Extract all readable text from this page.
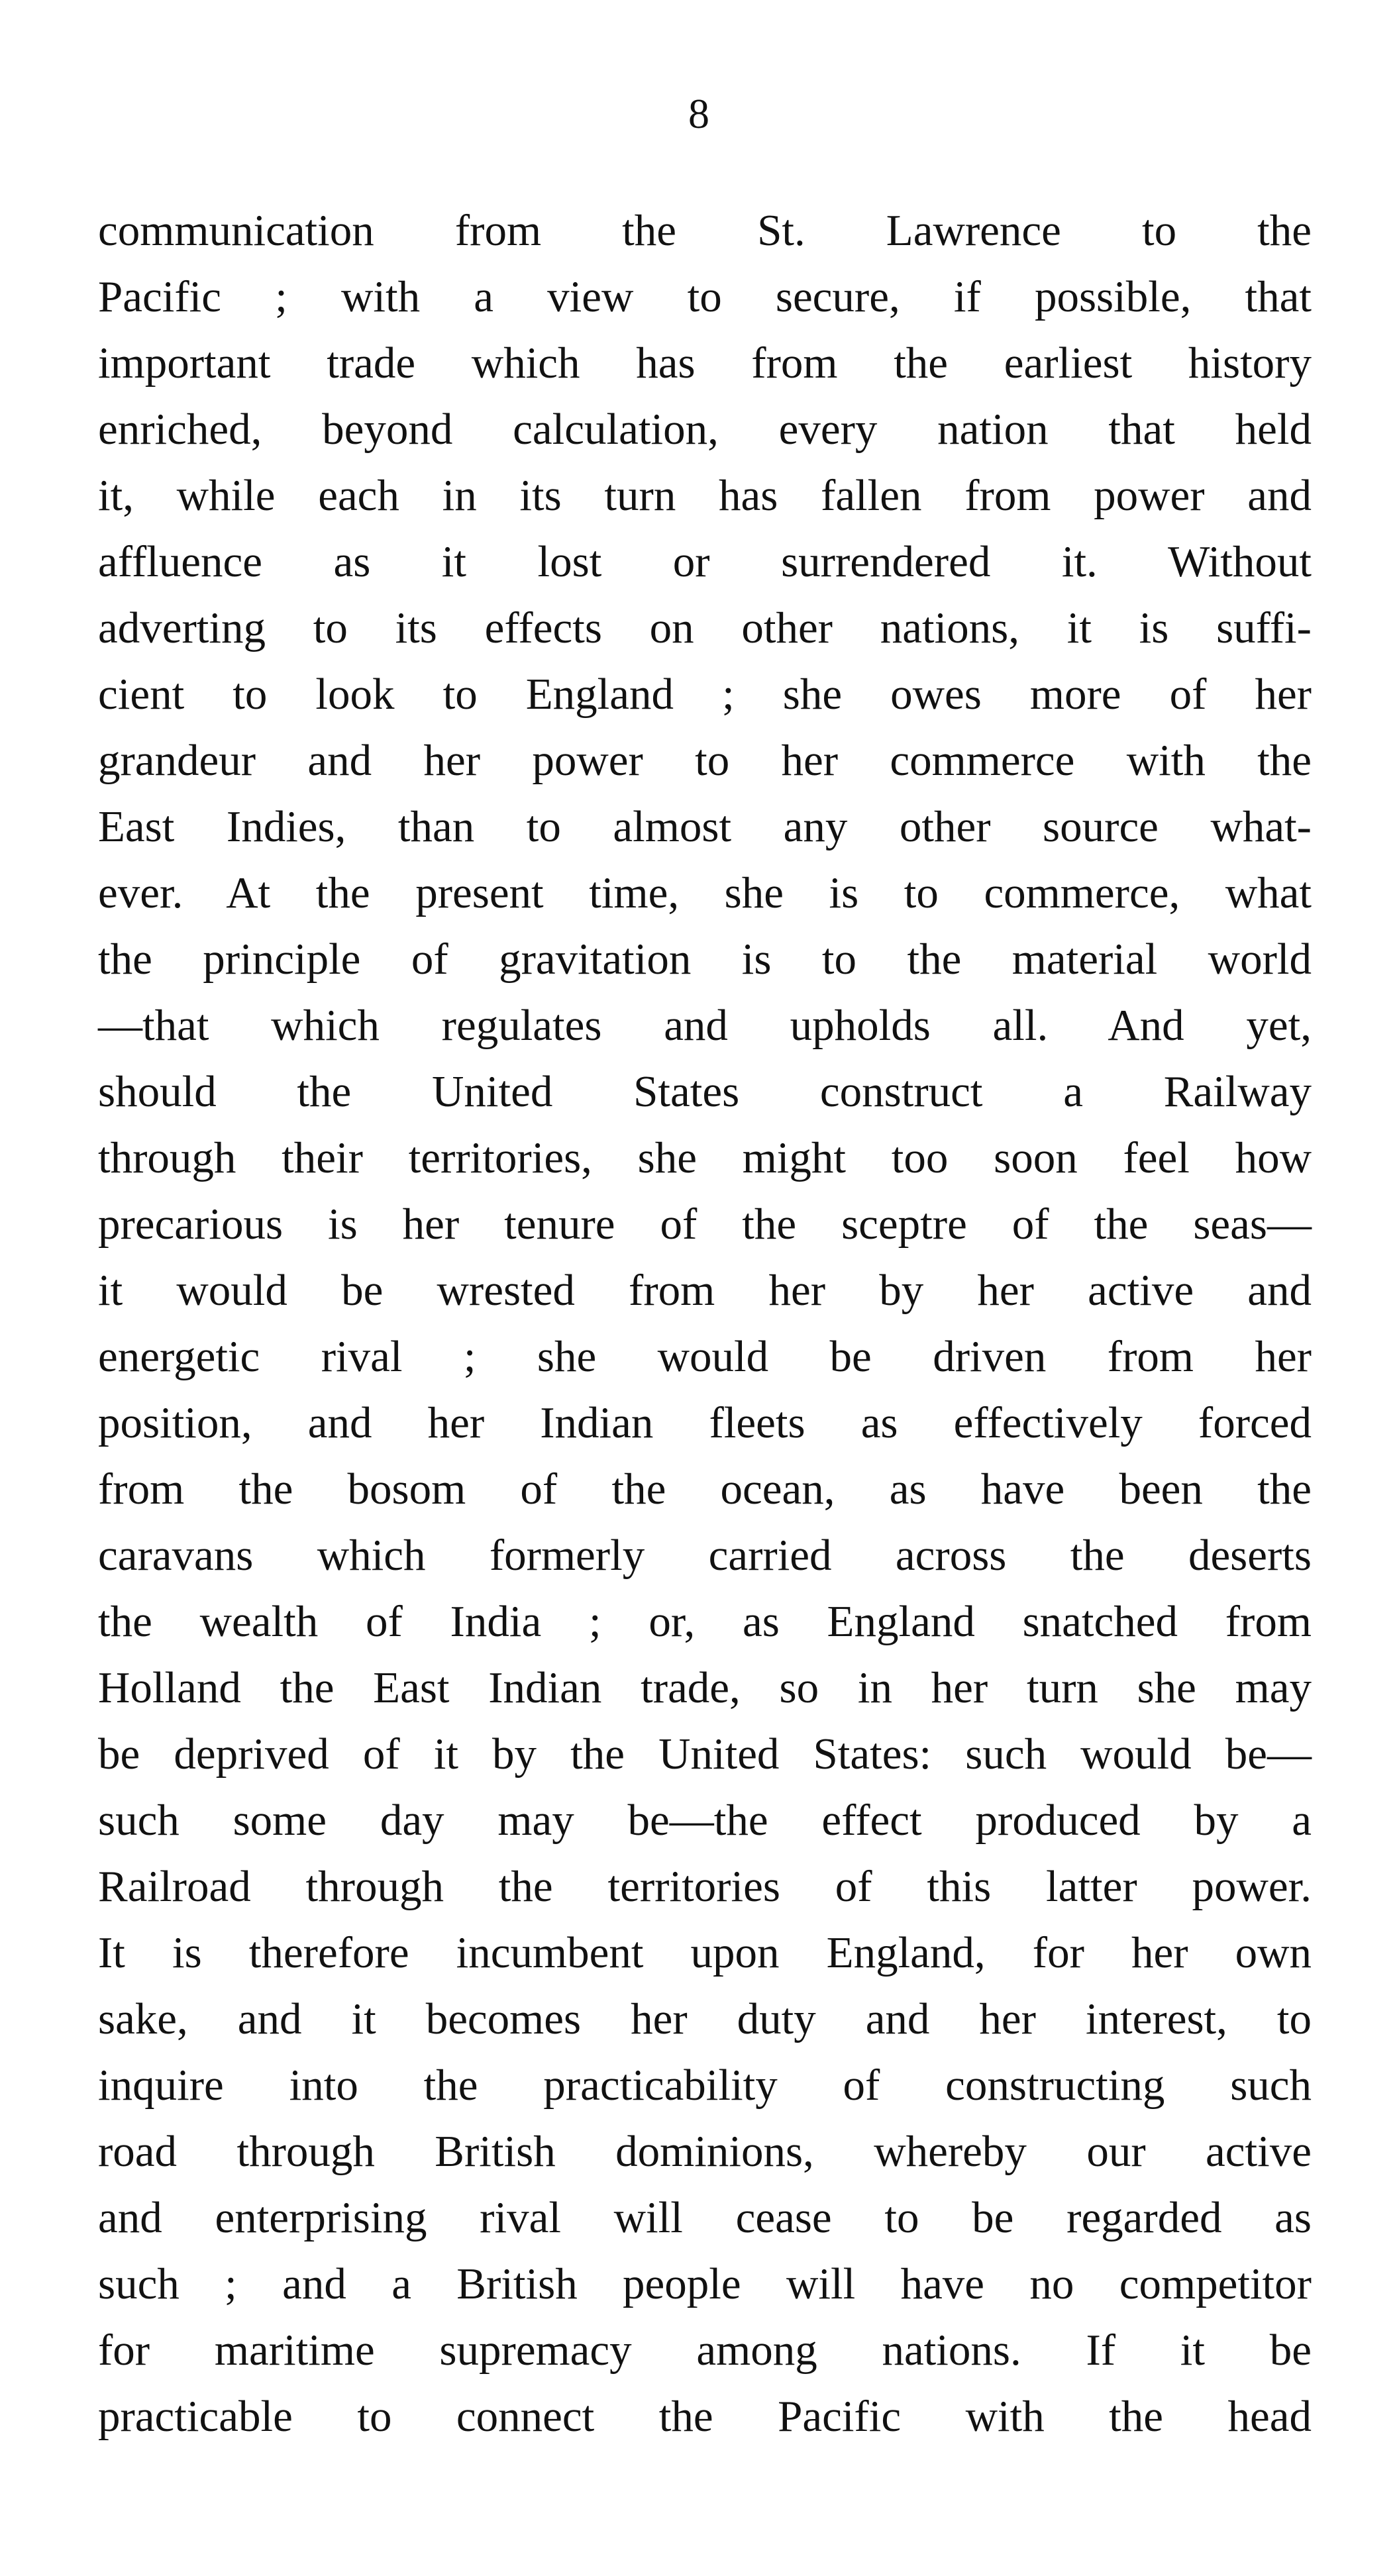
8
communication from the St. Lawrence to the
Pacific ; with a view to secure, if possible, that
important trade which has from the earliest history
enriched, beyond calculation, every nation that held
it, while each in its turn has fallen from power and
affluence as it lost or surrendered it. Without
adverting to its effects on other nations, it is suffi-
cient to look to England ; she owes more of her
grandeur and her power to her commerce with the
East Indies, than to almost any other source what-
ever. At the present time, she is to commerce, what
the principle of gravitation is to the material world
—that which regulates and upholds all. And yet,
should the United States construct a Railway
through their territories, she might too soon feel how
precarious is her tenure of the sceptre of the seas—
it would be wrested from her by her active and
energetic rival ; she would be driven from her
position, and her Indian fleets as effectively forced
from the bosom of the ocean, as have been the
caravans which formerly carried across the deserts
the wealth of India ; or, as England snatched from
Holland the East Indian trade, so in her turn she may
be deprived of it by the United States: such would be—
such some day may be—the effect produced by a
Railroad through the territories of this latter power.
It is therefore incumbent upon England, for her own
sake, and it becomes her duty and her interest, to
inquire into the practicability of constructing such
road through British dominions, whereby our active
and enterprising rival will cease to be regarded as
such ; and a British people will have no competitor
for maritime supremacy among nations. If it be
practicable to connect the Pacific with the head
